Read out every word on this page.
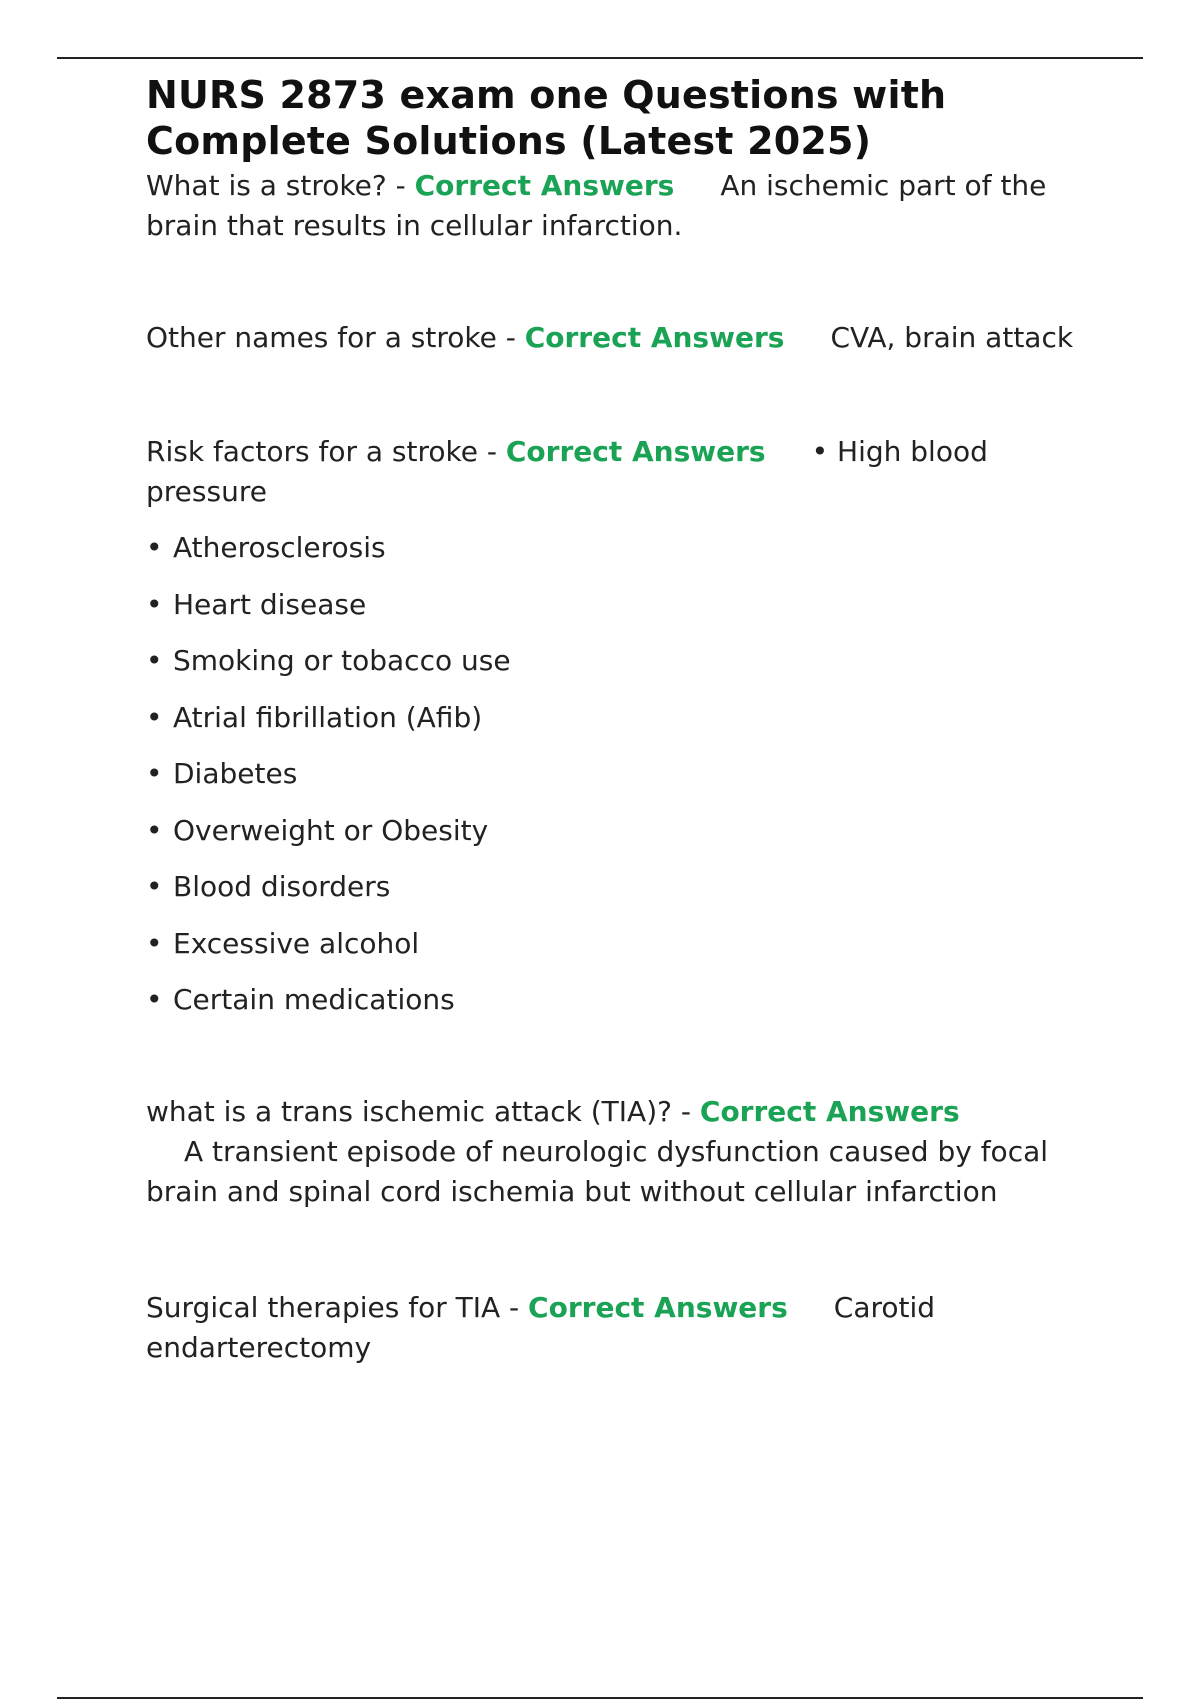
NURS 2873 exam one Questions with Complete Solutions (Latest 2025)

What is a stroke? - Correct Answers An ischemic part of the brain that results in cellular infarction.

Other names for a stroke - Correct Answers CVA, brain attack

Risk factors for a stroke - Correct Answers • High blood pressure

• Atherosclerosis
• Heart disease
• Smoking or tobacco use
• Atrial fibrillation (Afib)
• Diabetes
• Overweight or Obesity
• Blood disorders
• Excessive alcohol
• Certain medications

what is a trans ischemic attack (TIA)? - Correct Answers
A transient episode of neurologic dysfunction caused by focal brain and spinal cord ischemia but without cellular infarction

Surgical therapies for TIA - Correct Answers Carotid endarterectomy
